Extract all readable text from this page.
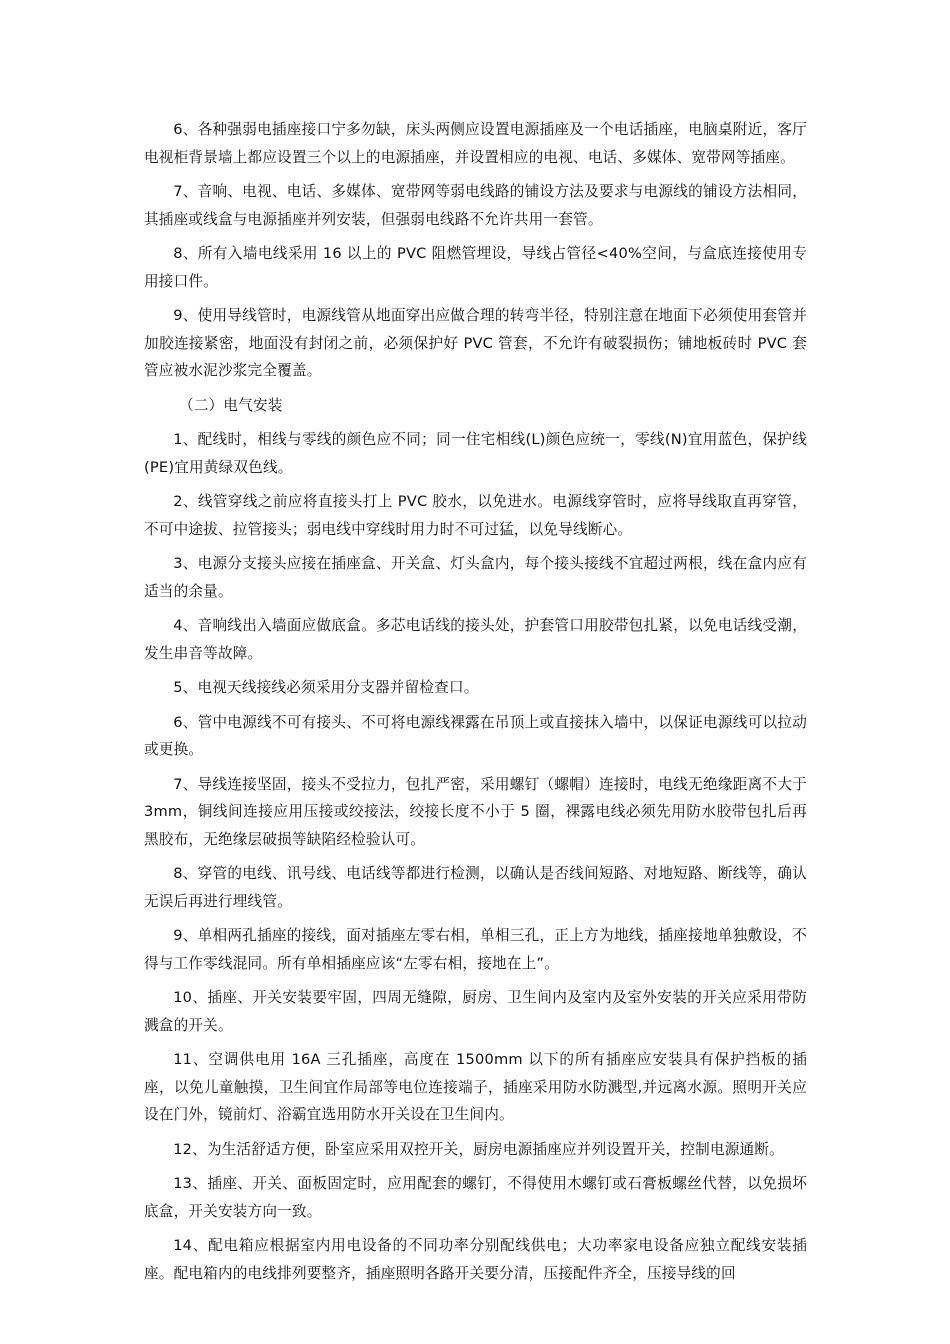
6、各种强弱电插座接口宁多勿缺，床头两侧应设置电源插座及一个电话插座，电脑桌附近，客厅电视柜背景墙上都应设置三个以上的电源插座，并设置相应的电视、电话、多媒体、宽带网等插座。

7、音响、电视、电话、多媒体、宽带网等弱电线路的铺设方法及要求与电源线的铺设方法相同，其插座或线盒与电源插座并列安装，但强弱电线路不允许共用一套管。

8、所有入墙电线采用 16 以上的 PVC 阻燃管埋设，导线占管径<40%空间，与盒底连接使用专用接口件。

9、使用导线管时，电源线管从地面穿出应做合理的转弯半径，特别注意在地面下必须使用套管并加胶连接紧密，地面没有封闭之前，必须保护好 PVC 管套，不允许有破裂损伤；铺地板砖时 PVC 套管应被水泥沙浆完全覆盖。

（二）电气安装

1、配线时，相线与零线的颜色应不同；同一住宅相线(L)颜色应统一，零线(N)宜用蓝色，保护线(PE)宜用黄绿双色线。

2、线管穿线之前应将直接头打上 PVC 胶水，以免进水。电源线穿管时，应将导线取直再穿管，不可中途拔、拉管接头；弱电线中穿线时用力时不可过猛，以免导线断心。

3、电源分支接头应接在插座盒、开关盒、灯头盒内，每个接头接线不宜超过两根，线在盒内应有适当的余量。

4、音响线出入墙面应做底盒。多芯电话线的接头处，护套管口用胶带包扎紧，以免电话线受潮，发生串音等故障。

5、电视天线接线必须采用分支器并留检查口。

6、管中电源线不可有接头、不可将电源线裸露在吊顶上或直接抹入墙中，以保证电源线可以拉动或更换。

7、导线连接坚固，接头不受拉力，包扎严密，采用螺钉（螺帽）连接时，电线无绝缘距离不大于 3mm，铜线间连接应用压接或绞接法，绞接长度不小于 5 圈，裸露电线必须先用防水胶带包扎后再黑胶布，无绝缘层破损等缺陷经检验认可。

8、穿管的电线、讯号线、电话线等都进行检测，以确认是否线间短路、对地短路、断线等，确认无误后再进行埋线管。

9、单相两孔插座的接线，面对插座左零右相，单相三孔，正上方为地线，插座接地单独敷设，不得与工作零线混同。所有单相插座应该“左零右相，接地在上”。

10、插座、开关安装要牢固，四周无缝隙，厨房、卫生间内及室内及室外安装的开关应采用带防溅盒的开关。

11、空调供电用 16A 三孔插座，高度在 1500mm 以下的所有插座应安装具有保护挡板的插座，以免儿童触摸，卫生间宜作局部等电位连接端子，插座采用防水防溅型,并远离水源。照明开关应设在门外，镜前灯、浴霸宜选用防水开关设在卫生间内。

12、为生活舒适方便，卧室应采用双控开关，厨房电源插座应并列设置开关，控制电源通断。

13、插座、开关、面板固定时，应用配套的螺钉，不得使用木螺钉或石膏板螺丝代替，以免损坏底盒，开关安装方向一致。

14、配电箱应根据室内用电设备的不同功率分别配线供电；大功率家电设备应独立配线安装插座。配电箱内的电线排列要整齐，插座照明各路开关要分清，压接配件齐全，压接导线的回
